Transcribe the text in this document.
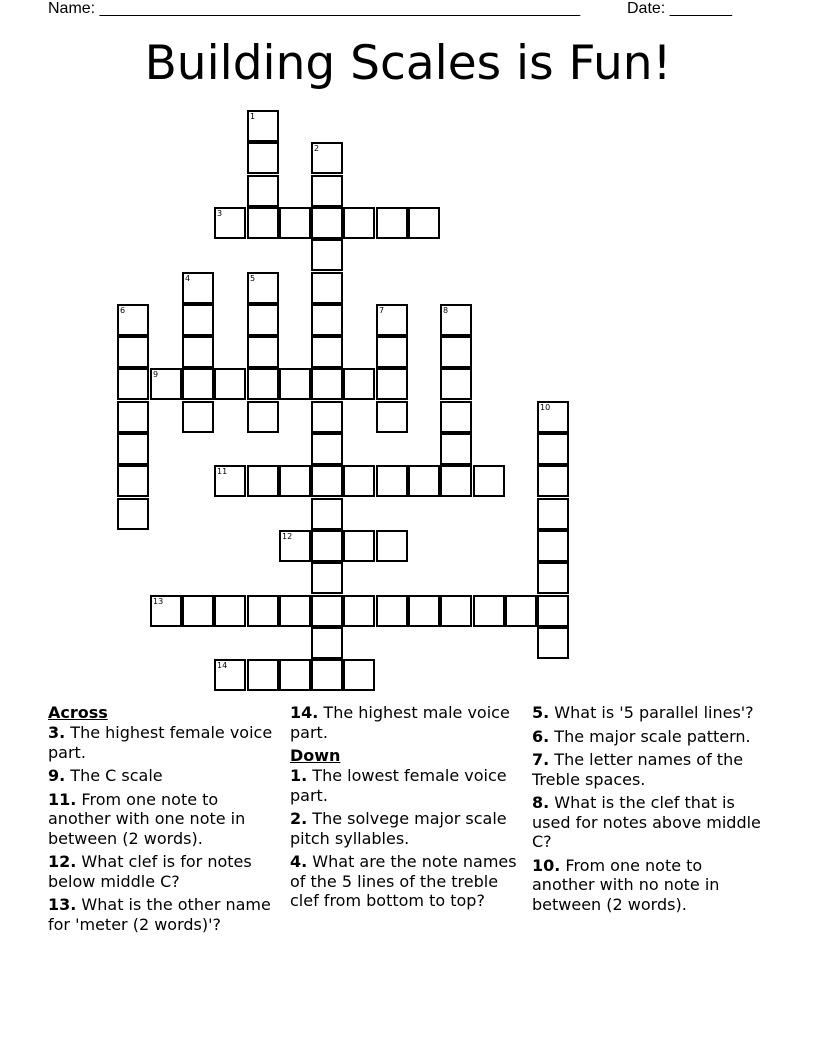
Name: ______________________________________________________	Date: _______
Building Scales is Fun!
1
2
3
4	5
6	7	8
9
10
11
12
13
14
Across

3. The highest female voice part.

9. The C scale

11. From one note to another with one note in between (2 words).

12. What clef is for notes below middle C?

13. What is the other name for 'meter (2 words)'?

14. The highest male voice part.

Down

1. The lowest female voice part.

2. The solvege major scale pitch syllables.

4. What are the note names of the 5 lines of the treble clef from bottom to top?

5. What is '5 parallel lines'?

6. The major scale pattern.

7. The letter names of the Treble spaces.

8. What is the clef that is used for notes above middle C?

10. From one note to another with no note in between (2 words).
